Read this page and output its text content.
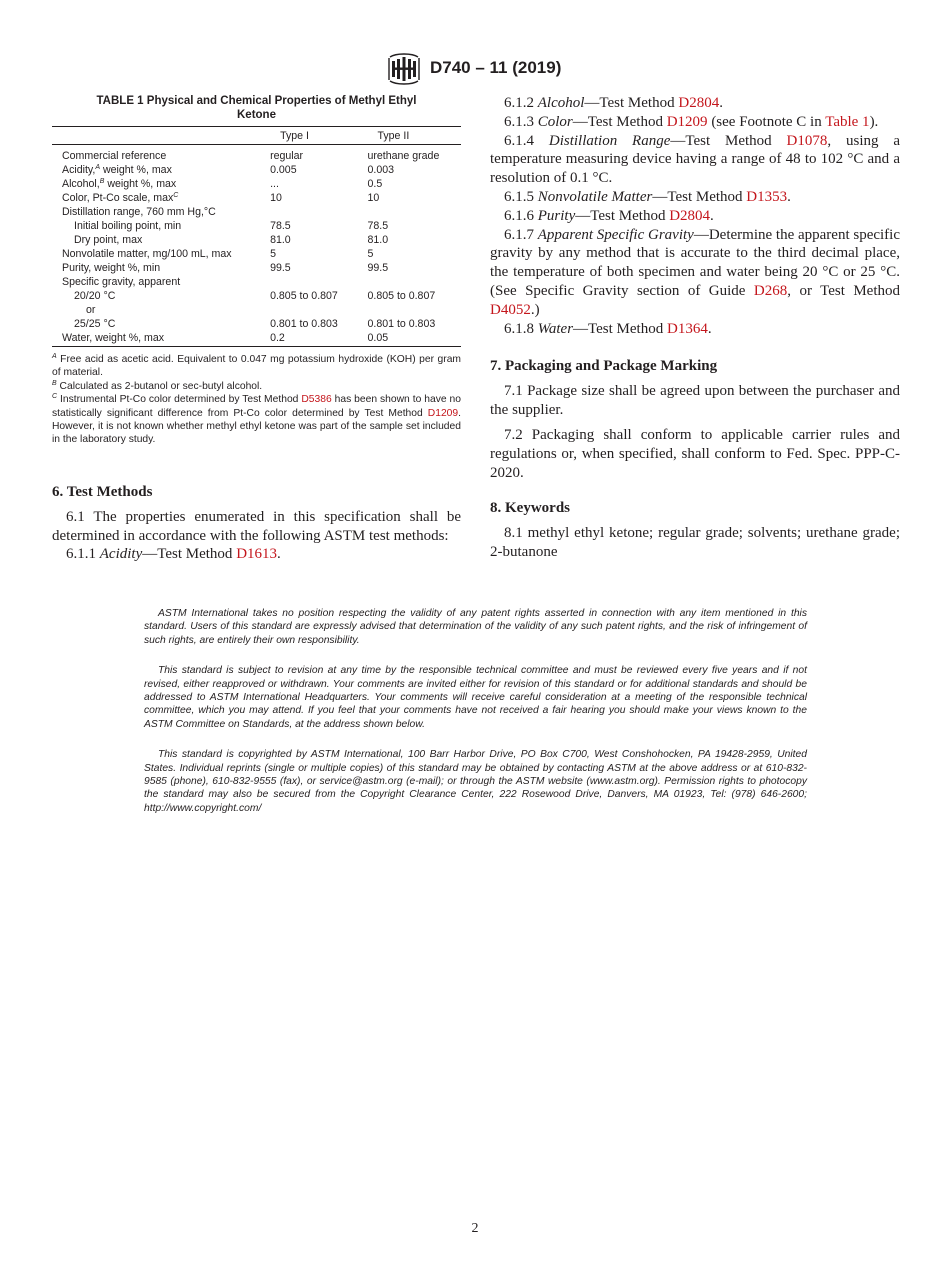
D740 – 11 (2019)
TABLE 1 Physical and Chemical Properties of Methyl Ethyl
Ketone
	Type I	Type II
Commercial reference	regular	urethane grade
Acidity,$^A$ weight %, max	0.005	0.003
Alcohol,$^B$ weight %, max	...	0.5
Color, Pt-Co scale, $\max^C$	10	10
Distillation range, 760 mm Hg,°C		
Initial boiling point, min	78.5	78.5
Dry point, max	81.0	81.0
Nonvolatile matter, mg/100 mL, max	5	5
Purity, weight %, min	99.5	99.5
Specific gravity, apparent		
20/20 °C	0.805 to 0.807	0.805 to 0.807
or		
25/25 °C	0.801 to 0.803	0.801 to 0.803
Water, weight %, max	0.2	0.05

$^A$ Free acid as acetic acid. Equivalent to 0.047 mg potassium hydroxide (KOH) per gram of material.

$^B$ Calculated as 2-butanol or sec-butyl alcohol.

$^C$ Instrumental Pt-Co color determined by Test Method D5386 has been shown to have no statistically significant difference from Pt-Co color determined by Test Method D1209. However, it is not known whether methyl ethyl ketone was part of the sample set included in the laboratory study.

6. Test Methods

6.1 The properties enumerated in this specification shall be determined in accordance with the following ASTM test methods:

6.1.1 Acidity—Test Method D1613.

6.1.2 Alcohol—Test Method D2804.

6.1.3 Color—Test Method D1209 (see Footnote C in Table 1).

6.1.4 Distillation Range—Test Method D1078, using a temperature measuring device having a range of 48 to 102 °C and a resolution of 0.1 °C.

6.1.5 Nonvolatile Matter—Test Method D1353.

6.1.6 Purity—Test Method D2804.

6.1.7 Apparent Specific Gravity—Determine the apparent specific gravity by any method that is accurate to the third decimal place, the temperature of both specimen and water being 20 °C or 25 °C. (See Specific Gravity section of Guide D268, or Test Method D4052.)

6.1.8 Water—Test Method D1364.

7. Packaging and Package Marking

7.1 Package size shall be agreed upon between the purchaser and the supplier.

7.2 Packaging shall conform to applicable carrier rules and regulations or, when specified, shall conform to Fed. Spec. PPP-C-2020.

8. Keywords

8.1 methyl ethyl ketone; regular grade; solvents; urethane grade; 2-butanone

ASTM International takes no position respecting the validity of any patent rights asserted in connection with any item mentioned in this standard. Users of this standard are expressly advised that determination of the validity of any such patent rights, and the risk of infringement of such rights, are entirely their own responsibility.

This standard is subject to revision at any time by the responsible technical committee and must be reviewed every five years and if not revised, either reapproved or withdrawn. Your comments are invited either for revision of this standard or for additional standards and should be addressed to ASTM International Headquarters. Your comments will receive careful consideration at a meeting of the responsible technical committee, which you may attend. If you feel that your comments have not received a fair hearing you should make your views known to the ASTM Committee on Standards, at the address shown below.

This standard is copyrighted by ASTM International, 100 Barr Harbor Drive, PO Box C700, West Conshohocken, PA 19428-2959, United States. Individual reprints (single or multiple copies) of this standard may be obtained by contacting ASTM at the above address or at 610-832-9585 (phone), 610-832-9555 (fax), or service@astm.org (e-mail); or through the ASTM website (www.astm.org). Permission rights to photocopy the standard may also be secured from the Copyright Clearance Center, 222 Rosewood Drive, Danvers, MA 01923, Tel: (978) 646-2600; http://www.copyright.com/

2
